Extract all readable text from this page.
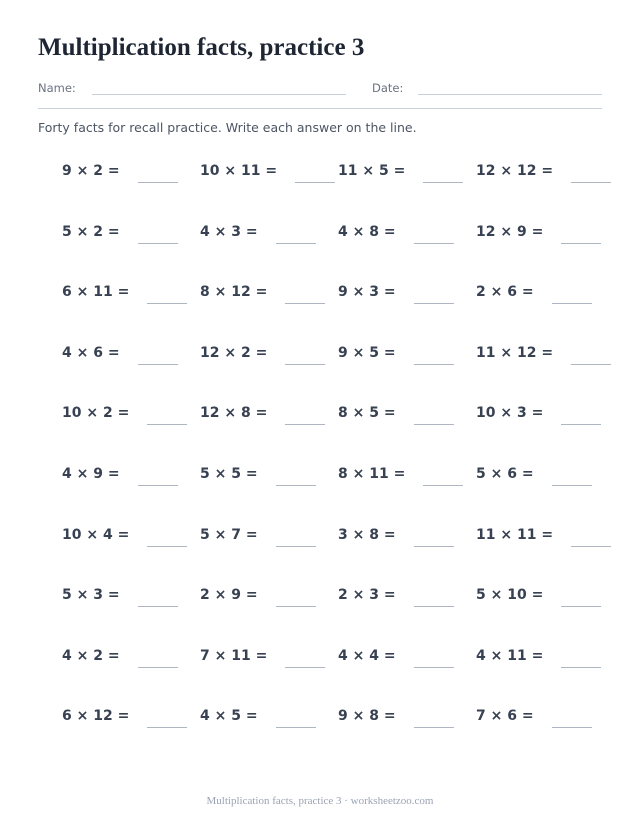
Multiplication facts, practice 3
Name:	Date:
Forty facts for recall practice. Write each answer on the line.
9 × 2 =	10 × 11 =	11 × 5 =	12 × 12 =
5 × 2 =	4 × 3 =	4 × 8 =	12 × 9 =
6 × 11 =	8 × 12 =	9 × 3 =	2 × 6 =
4 × 6 =	12 × 2 =	9 × 5 =	11 × 12 =
10 × 2 =	12 × 8 =	8 × 5 =	10 × 3 =
4 × 9 =	5 × 5 =	8 × 11 =	5 × 6 =
10 × 4 =	5 × 7 =	3 × 8 =	11 × 11 =
5 × 3 =	2 × 9 =	2 × 3 =	5 × 10 =
4 × 2 =	7 × 11 =	4 × 4 =	4 × 11 =
6 × 12 =	4 × 5 =	9 × 8 =	7 × 6 =
Multiplication facts, practice 3 · worksheetzoo.com
